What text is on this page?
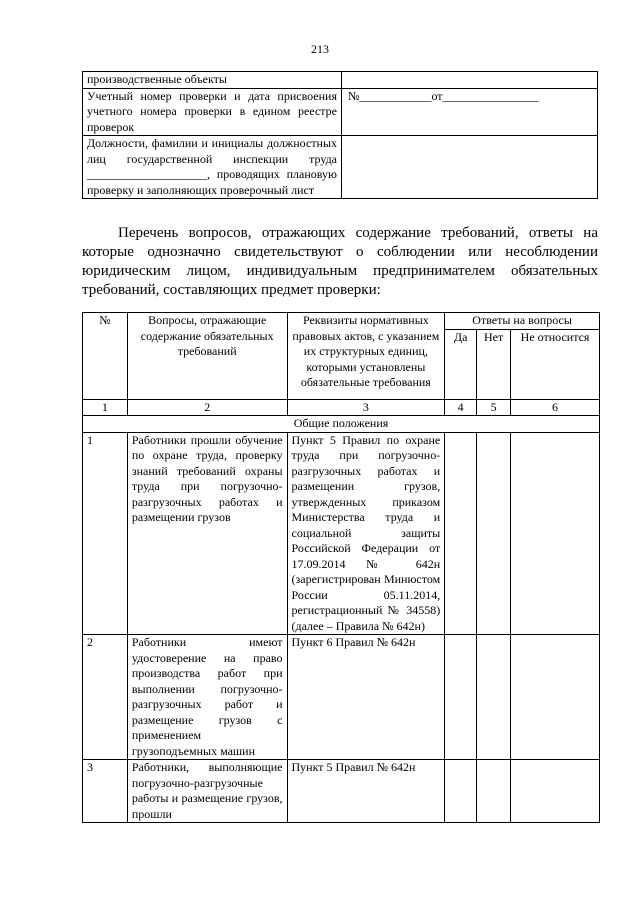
213
производственные объекты	
Учетный номер проверки и дата присвоения учетного номера проверки в едином реестре проверок	№____________от________________
Должности, фамилии и инициалы должностных лиц государственной инспекции труда ____________________, проводящих плановую проверку и заполняющих проверочный лист	
Перечень вопросов, отражающих содержание требований, ответы на которые однозначно свидетельствуют о соблюдении или несоблюдении юридическим лицом, индивидуальным предпринимателем обязательных требований, составляющих предмет проверки:
№	Вопросы, отражающие содержание обязательных требований	Реквизиты нормативных правовых актов, с указанием их структурных единиц, которыми установлены обязательные требования	Ответы на вопросы		
			Да	Нет	Не относится
1	2	3	4	5	6
Общие положения					
1	Работники прошли обучение по охране труда, проверку знаний требований охраны труда при погрузочно-разгрузочных работах и размещении грузов	Пункт 5 Правил по охране труда при погрузочно-разгрузочных работах и размещении грузов, утвержденных приказом Министерства труда и социальной защиты Российской Федерации от 17.09.2014 № 642н (зарегистрирован Минюстом России 05.11.2014, регистрационный № 34558) (далее – Правила № 642н)			
2	Работники имеют удостоверение на право производства работ при выполнении погрузочно-разгрузочных работ и размещение грузов с применением грузоподъемных машин	Пункт 6 Правил № 642н			
3	Работники, выполняющие погрузочно-разгрузочные работы и размещение грузов, прошли	Пункт 5 Правил № 642н			
